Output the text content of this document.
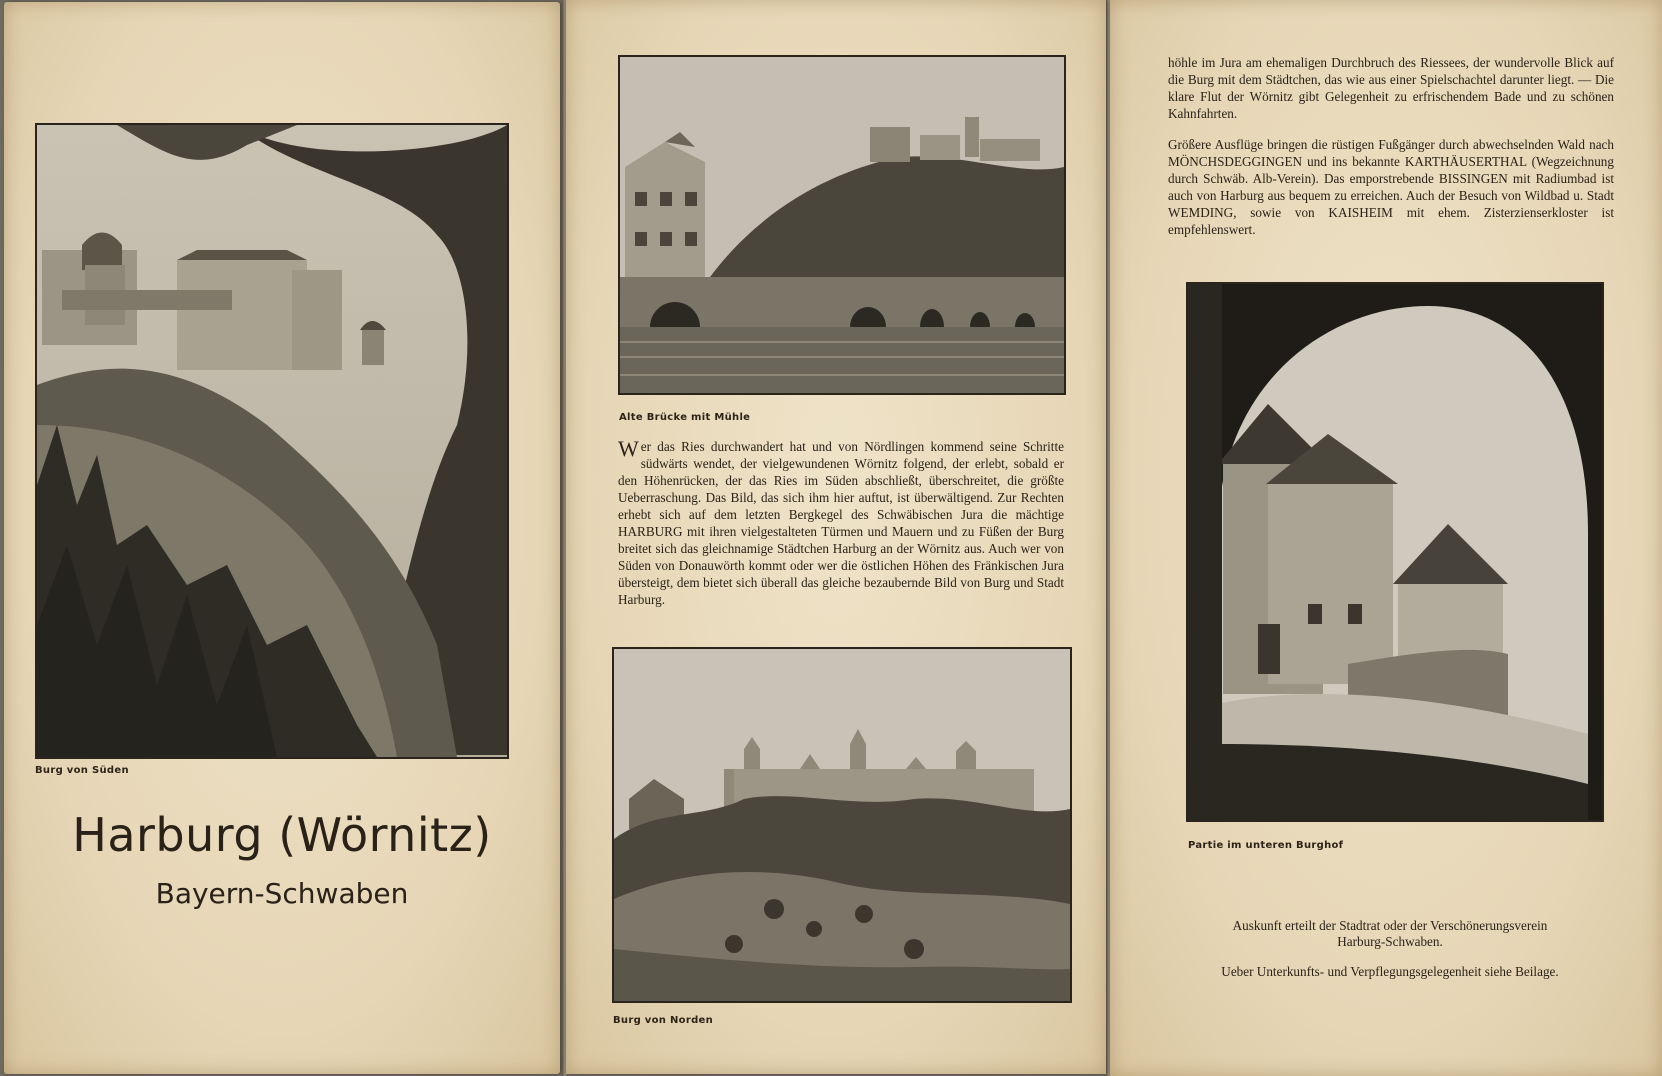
Burg von Süden
Harburg (Wörnitz)
Bayern-Schwaben
Alte Brücke mit Mühle
Wer das Ries durchwandert hat und von Nördlingen kommend seine Schritte südwärts wendet, der vielgewundenen Wörnitz folgend, der erlebt, sobald er den Höhenrücken, der das Ries im Süden abschließt, überschreitet, die größte Ueberraschung. Das Bild, das sich ihm hier auftut, ist überwältigend. Zur Rechten erhebt sich auf dem letzten Bergkegel des Schwäbischen Jura die mächtige HARBURG mit ihren vielgestalteten Türmen und Mauern und zu Füßen der Burg breitet sich das gleichnamige Städtchen Harburg an der Wörnitz aus. Auch wer von Süden von Donauwörth kommt oder wer die östlichen Höhen des Fränkischen Jura übersteigt, dem bietet sich überall das gleiche bezaubernde Bild von Burg und Stadt Harburg.
Burg von Norden

höhle im Jura am ehemaligen Durchbruch des Riessees, der wundervolle Blick auf die Burg mit dem Städtchen, das wie aus einer Spielschachtel darunter liegt. — Die klare Flut der Wörnitz gibt Gelegenheit zu erfrischendem Bade und zu schönen Kahnfahrten.

Größere Ausflüge bringen die rüstigen Fußgänger durch abwechselnden Wald nach MÖNCHSDEGGINGEN und ins bekannte KARTHÄUSERTHAL (Wegzeichnung durch Schwäb. Alb-Verein). Das emporstrebende BISSINGEN mit Radiumbad ist auch von Harburg aus bequem zu erreichen. Auch der Besuch von Wildbad u. Stadt WEMDING, sowie von KAISHEIM mit ehem. Zisterzienserkloster ist empfehlenswert.

Partie im unteren Burghof
Auskunft erteilt der Stadtrat oder der Verschönerungsverein
Harburg-Schwaben.
Ueber Unterkunfts- und Verpflegungsgelegenheit siehe Beilage.
